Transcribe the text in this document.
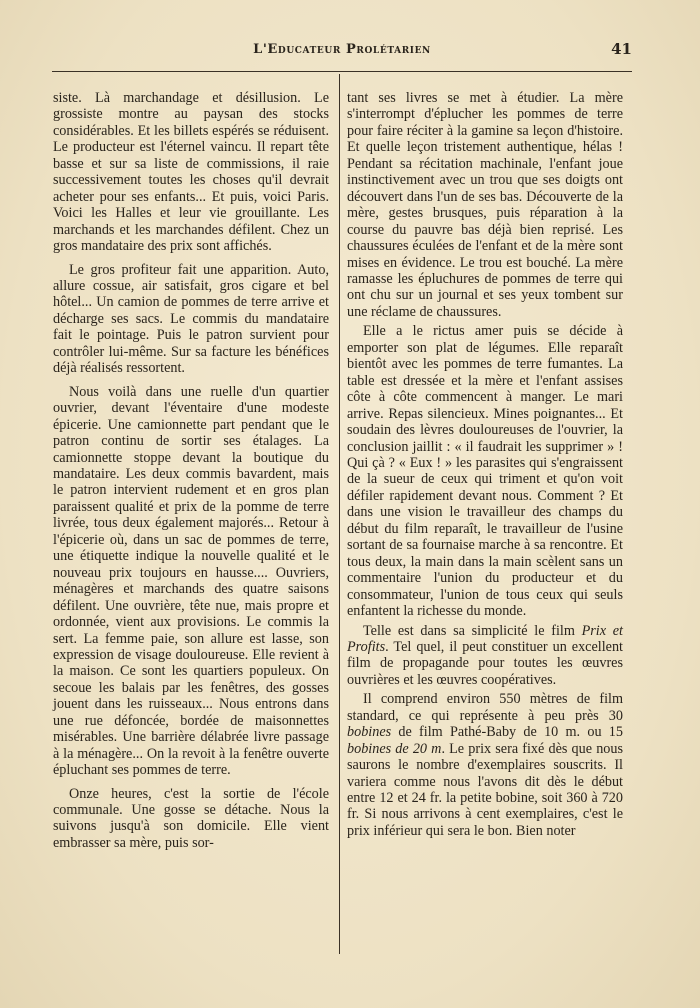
L'Educateur Prolétarien	41

siste. Là marchandage et désillusion. Le grossiste montre au paysan des stocks considérables. Et les billets espérés se réduisent. Le producteur est l'éternel vaincu. Il repart tête basse et sur sa liste de commissions, il raie successivement toutes les choses qu'il devrait acheter pour ses enfants... Et puis, voici Paris. Voici les Halles et leur vie grouillante. Les marchands et les marchandes défilent. Chez un gros mandataire des prix sont affichés.

Le gros profiteur fait une apparition. Auto, allure cossue, air satisfait, gros cigare et bel hôtel... Un camion de pommes de terre arrive et décharge ses sacs. Le commis du mandataire fait le pointage. Puis le patron survient pour contrôler lui-même. Sur sa facture les bénéfices déjà réalisés ressortent.

Nous voilà dans une ruelle d'un quartier ouvrier, devant l'éventaire d'une modeste épicerie. Une camionnette part pendant que le patron continu de sortir ses étalages. La camionnette stoppe devant la boutique du mandataire. Les deux commis bavardent, mais le patron intervient rudement et en gros plan paraissent qualité et prix de la pomme de terre livrée, tous deux également majorés... Retour à l'épicerie où, dans un sac de pommes de terre, une étiquette indique la nouvelle qualité et le nouveau prix toujours en hausse.... Ouvriers, ménagères et marchands des quatre saisons défilent. Une ouvrière, tête nue, mais propre et ordonnée, vient aux provisions. Le commis la sert. La femme paie, son allure est lasse, son expression de visage douloureuse. Elle revient à la maison. Ce sont les quartiers populeux. On secoue les balais par les fenêtres, des gosses jouent dans les ruisseaux... Nous entrons dans une rue défoncée, bordée de maisonnettes misérables. Une barrière délabrée livre passage à la ménagère... On la revoit à la fenêtre ouverte épluchant ses pommes de terre.

Onze heures, c'est la sortie de l'école communale. Une gosse se détache. Nous la suivons jusqu'à son domicile. Elle vient embrasser sa mère, puis sor-

tant ses livres se met à étudier. La mère s'interrompt d'éplucher les pommes de terre pour faire réciter à la gamine sa leçon d'histoire. Et quelle leçon tristement authentique, hélas ! Pendant sa récitation machinale, l'enfant joue instinctivement avec un trou que ses doigts ont découvert dans l'un de ses bas. Découverte de la mère, gestes brusques, puis réparation à la course du pauvre bas déjà bien reprisé. Les chaussures éculées de l'enfant et de la mère sont mises en évidence. Le trou est bouché. La mère ramasse les épluchures de pommes de terre qui ont chu sur un journal et ses yeux tombent sur une réclame de chaussures.

Elle a le rictus amer puis se décide à emporter son plat de légumes. Elle reparaît bientôt avec les pommes de terre fumantes. La table est dressée et la mère et l'enfant assises côte à côte commencent à manger. Le mari arrive. Repas silencieux. Mines poignantes... Et soudain des lèvres douloureuses de l'ouvrier, la conclusion jaillit : « il faudrait les supprimer » ! Qui çà ? « Eux ! » les parasites qui s'engraissent de la sueur de ceux qui triment et qu'on voit défiler rapidement devant nous. Comment ? Et dans une vision le travailleur des champs du début du film reparaît, le travailleur de l'usine sortant de sa fournaise marche à sa rencontre. Et tous deux, la main dans la main scèlent sans un commentaire l'union du producteur et du consommateur, l'union de tous ceux qui seuls enfantent la richesse du monde.

Telle est dans sa simplicité le film Prix et Profits. Tel quel, il peut constituer un excellent film de propagande pour toutes les œuvres ouvrières et les œuvres coopératives.

Il comprend environ 550 mètres de film standard, ce qui représente à peu près 30 bobines de film Pathé-Baby de 10 m. ou 15 bobines de 20 m. Le prix sera fixé dès que nous saurons le nombre d'exemplaires souscrits. Il variera comme nous l'avons dit dès le début entre 12 et 24 fr. la petite bobine, soit 360 à 720 fr. Si nous arrivons à cent exemplaires, c'est le prix inférieur qui sera le bon. Bien noter
